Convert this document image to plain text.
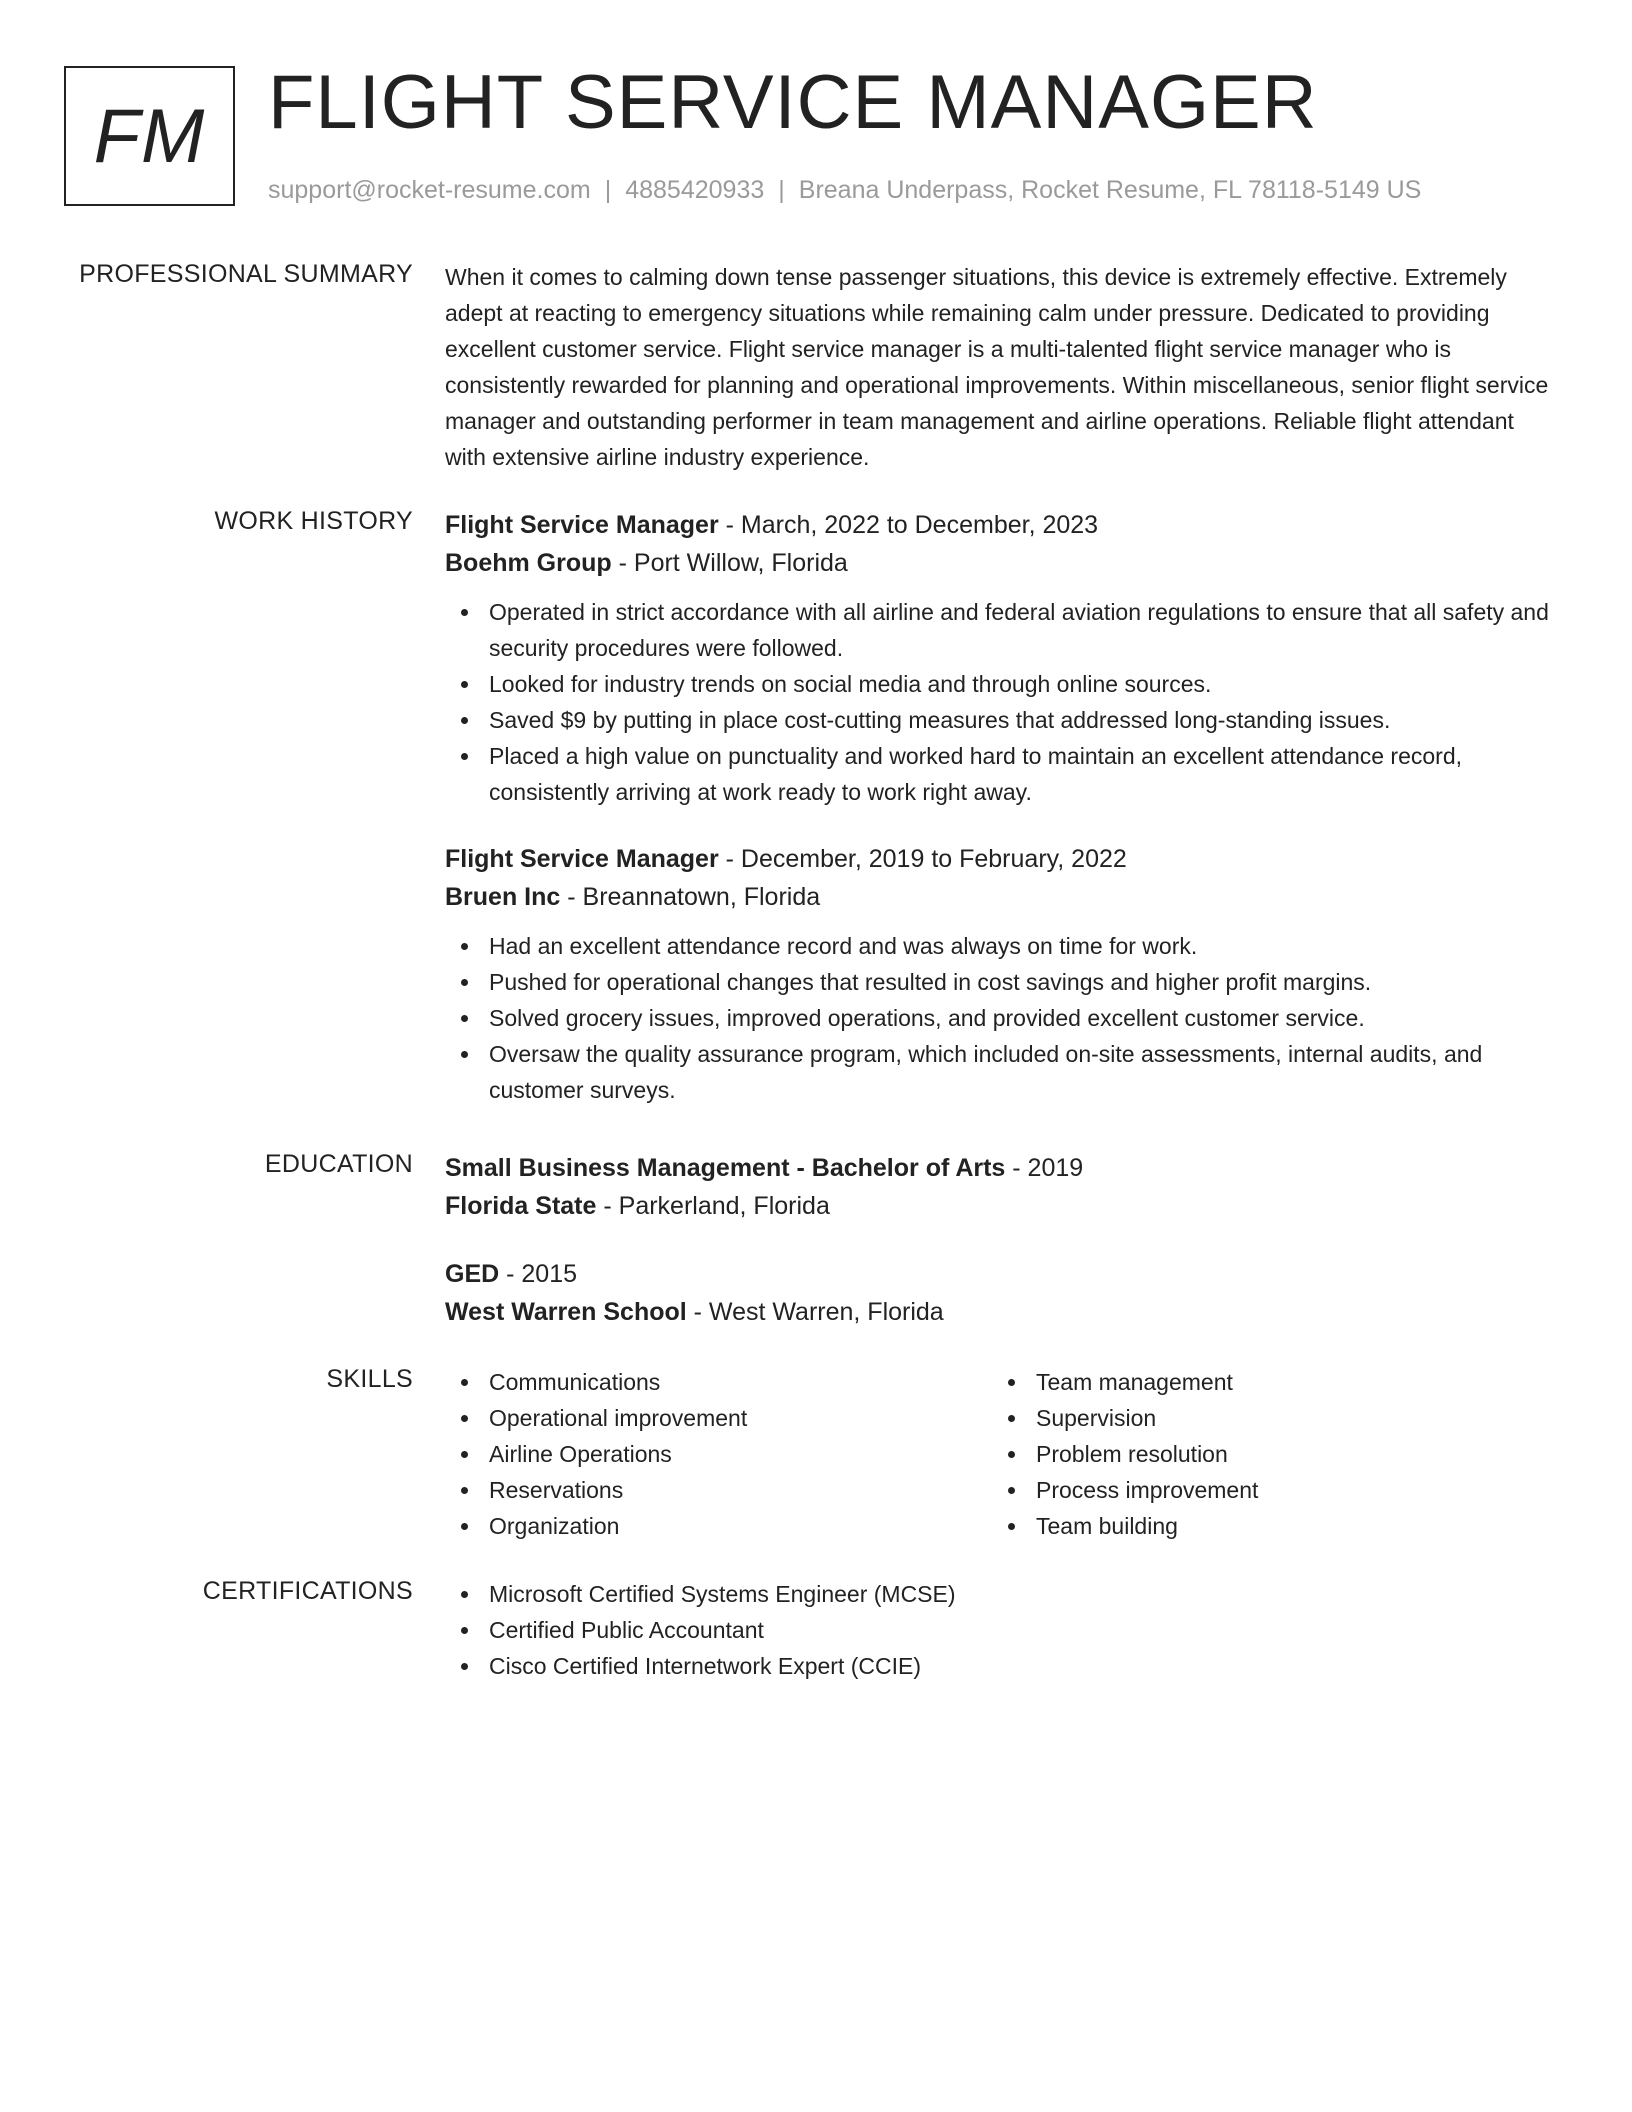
FM FLIGHT SERVICE MANAGER
support@rocket-resume.com | 4885420933 | Breana Underpass, Rocket Resume, FL 78118-5149 US
PROFESSIONAL SUMMARY When it comes to calming down tense passenger situations, this device is extremely effective. Extremely adept at reacting to emergency situations while remaining calm under pressure. Dedicated to providing excellent customer service. Flight service manager is a multi-talented flight service manager who is consistently rewarded for planning and operational improvements. Within miscellaneous, senior flight service manager and outstanding performer in team management and airline operations. Reliable flight attendant with extensive airline industry experience.

WORK HISTORY Flight Service Manager - March, 2022 to December, 2023

Boehm Group - Port Willow, Florida

Operated in strict accordance with all airline and federal aviation regulations to ensure that all safety and security procedures were followed.
Looked for industry trends on social media and through online sources.
Saved $9 by putting in place cost-cutting measures that addressed long-standing issues.
Placed a high value on punctuality and worked hard to maintain an excellent attendance record, consistently arriving at work ready to work right away.

Flight Service Manager - December, 2019 to February, 2022

Bruen Inc - Breannatown, Florida

Had an excellent attendance record and was always on time for work.
Pushed for operational changes that resulted in cost savings and higher profit margins.
Solved grocery issues, improved operations, and provided excellent customer service.
Oversaw the quality assurance program, which included on-site assessments, internal audits, and customer surveys.
EDUCATION Small Business Management - Bachelor of Arts - 2019

Florida State - Parkerland, Florida

GED - 2015

West Warren School - West Warren, Florida

SKILLS	Communications
Operational improvement
Airline Operations
Reservations
Organization
Team management
Supervision
Problem resolution
Process improvement
Team building
CERTIFICATIONS	Microsoft Certified Systems Engineer (MCSE)
Certified Public Accountant
Cisco Certified Internetwork Expert (CCIE)
